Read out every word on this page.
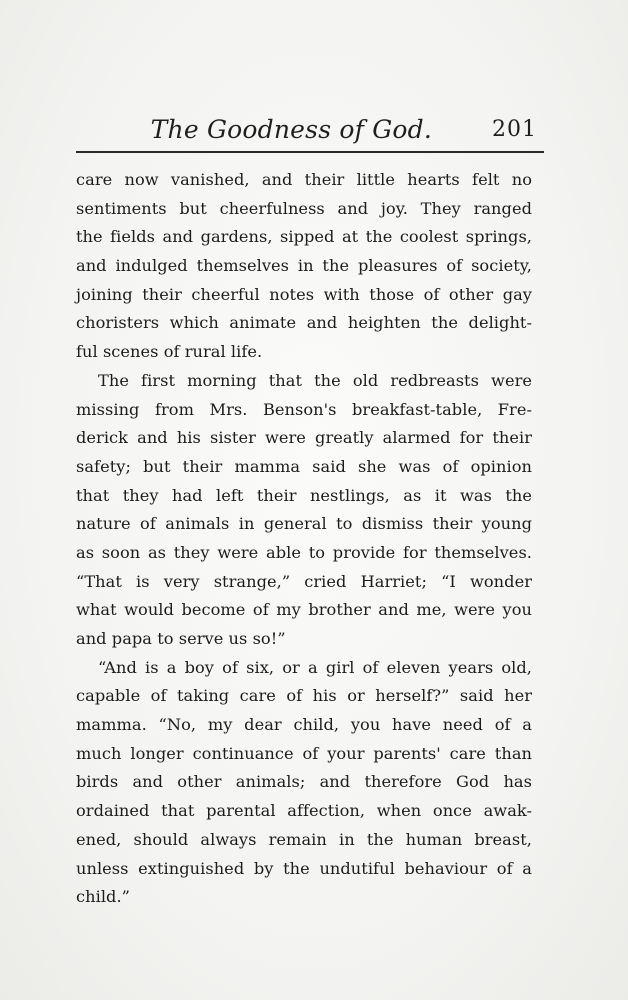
The Goodness of God.	201
care now vanished, and their little hearts felt no
sentiments but cheerfulness and joy. They ranged
the fields and gardens, sipped at the coolest springs,
and indulged themselves in the pleasures of society,
joining their cheerful notes with those of other gay
choristers which animate and heighten the delight-
ful scenes of rural life.
The first morning that the old redbreasts were
missing from Mrs. Benson's breakfast-table, Fre-
derick and his sister were greatly alarmed for their
safety; but their mamma said she was of opinion
that they had left their nestlings, as it was the
nature of animals in general to dismiss their young
as soon as they were able to provide for themselves.
“That is very strange,” cried Harriet; “I wonder
what would become of my brother and me, were you
and papa to serve us so!”
“And is a boy of six, or a girl of eleven years old,
capable of taking care of his or herself?” said her
mamma. “No, my dear child, you have need of a
much longer continuance of your parents' care than
birds and other animals; and therefore God has
ordained that parental affection, when once awak-
ened, should always remain in the human breast,
unless extinguished by the undutiful behaviour of a
child.”
